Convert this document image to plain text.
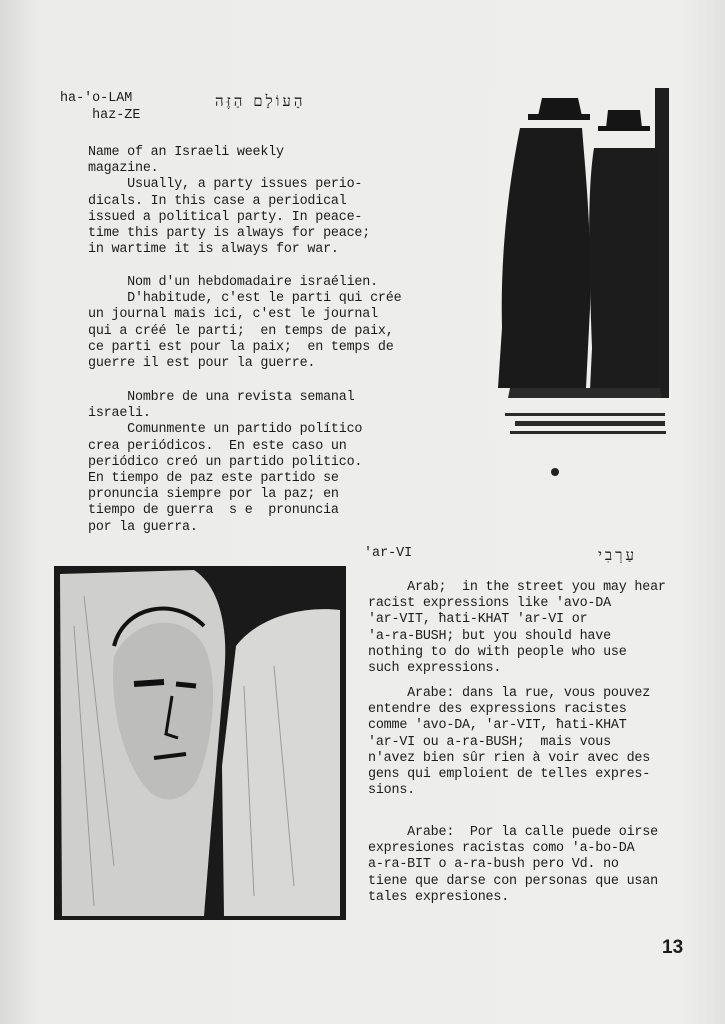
ha-'o-LAM
haz-ZE
הָעוֹלָם הַזֶּה
Name of an Israeli weekly
magazine.
Usually, a party issues perio-
dicals. In this case a periodical
issued a political party. In peace-
time this party is always for peace;
in wartime it is always for war.
Nom d'un hebdomadaire israélien.
D'habitude, c'est le parti qui crée
un journal mais ici, c'est le journal
qui a créé le parti;  en temps de paix,
ce parti est pour la paix;  en temps de
guerre il est pour la guerre.
Nombre de una revista semanal
israeli.
Comunmente un partido político
crea periódicos.  En este caso un
periódico creó un partido politico.
En tiempo de paz este partido se
pronuncia siempre por la paz; en
tiempo de guerra  s e  pronuncia
por la guerra.
'ar-VI	עַרְבִי
Arab;  in the street you may hear
racist expressions like 'avo-DA
'ar-VIT, ħati-KHAT 'ar-VI or
'a-ra-BUSH; but you should have
nothing to do with people who use
such expressions.
Arabe: dans la rue, vous pouvez
entendre des expressions racistes
comme 'avo-DA, 'ar-VIT, ħati-KHAT
'ar-VI ou a-ra-BUSH;  mais vous
n'avez bien sûr rien à voir avec des
gens qui emploient de telles expres-
sions.
Arabe:  Por la calle puede oirse
expresiones racistas como 'a-bo-DA
a-ra-BIT o a-ra-bush pero Vd. no
tiene que darse con personas que usan
tales expresiones.
13
